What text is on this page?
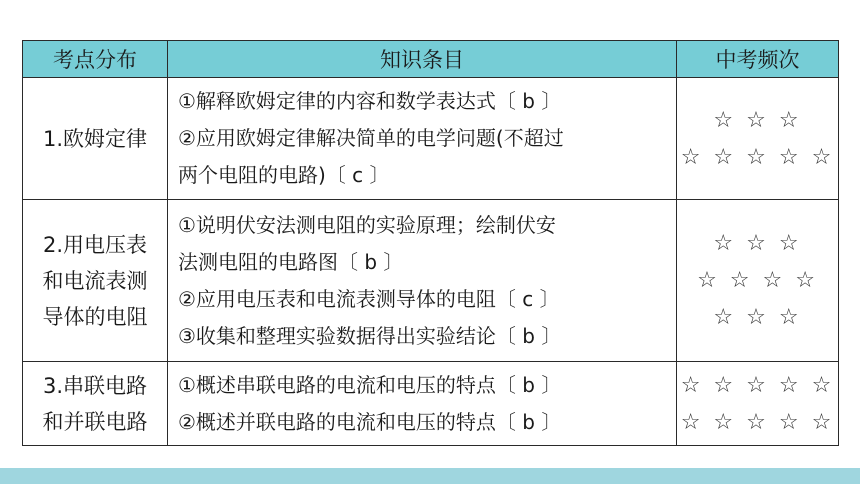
考点分布	知识条目	中考频次
1.欧姆定律	①解释欧姆定律的内容和数学表达式〔 b 〕
②应用欧姆定律解决简单的电学问题(不超过
两个电阻的电路)〔 c 〕	☆ ☆ ☆
☆ ☆ ☆ ☆ ☆

2.用电压表
和电流表测
导体的电阻	①说明伏安法测电阻的实验原理；绘制伏安
法测电阻的电路图〔 b 〕
②应用电压表和电流表测导体的电阻〔 c 〕
③收集和整理实验数据得出实验结论〔 b 〕	☆ ☆ ☆
☆ ☆ ☆ ☆
☆ ☆ ☆

3.串联电路
和并联电路	①概述串联电路的电流和电压的特点〔 b 〕
②概述并联电路的电流和电压的特点〔 b 〕	☆ ☆ ☆ ☆ ☆
☆ ☆ ☆ ☆ ☆
